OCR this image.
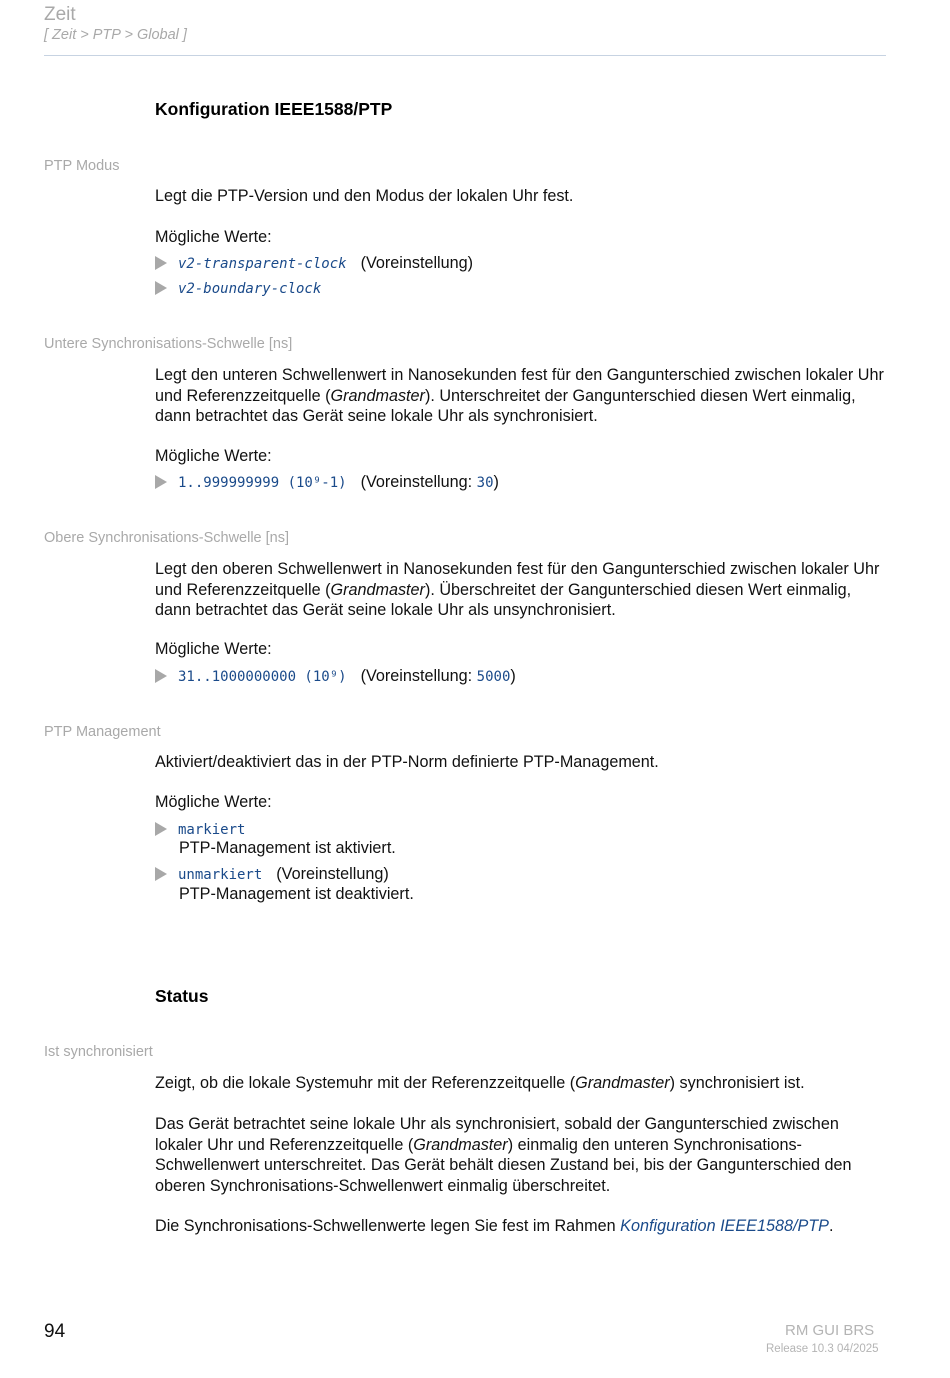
Zeit
[ Zeit > PTP > Global ]
Konfiguration IEEE1588/PTP
PTP Modus
Legt die PTP-Version und den Modus der lokalen Uhr fest.
Mögliche Werte:
v2-transparent-clock (Voreinstellung)
v2-boundary-clock
Untere Synchronisations-Schwelle [ns]
Legt den unteren Schwellenwert in Nanosekunden fest für den Gangunterschied zwischen lokaler Uhr und Referenzzeitquelle (Grandmaster). Unterschreitet der Gangunterschied diesen Wert einmalig, dann betrachtet das Gerät seine lokale Uhr als synchronisiert.
Mögliche Werte:
1..999999999 (10⁹-1) (Voreinstellung: 30)
Obere Synchronisations-Schwelle [ns]
Legt den oberen Schwellenwert in Nanosekunden fest für den Gangunterschied zwischen lokaler Uhr und Referenzzeitquelle (Grandmaster). Überschreitet der Gangunterschied diesen Wert einmalig, dann betrachtet das Gerät seine lokale Uhr als unsynchronisiert.
Mögliche Werte:
31..1000000000 (10⁹) (Voreinstellung: 5000)
PTP Management
Aktiviert/deaktiviert das in der PTP-Norm definierte PTP-Management.
Mögliche Werte:
markiert
PTP-Management ist aktiviert.
unmarkiert (Voreinstellung)
PTP-Management ist deaktiviert.
Status
Ist synchronisiert
Zeigt, ob die lokale Systemuhr mit der Referenzzeitquelle (Grandmaster) synchronisiert ist.
Das Gerät betrachtet seine lokale Uhr als synchronisiert, sobald der Gangunterschied zwischen lokaler Uhr und Referenzzeitquelle (Grandmaster) einmalig den unteren Synchronisations-Schwellenwert unterschreitet. Das Gerät behält diesen Zustand bei, bis der Gangunterschied den oberen Synchronisations-Schwellenwert einmalig überschreitet.
Die Synchronisations-Schwellenwerte legen Sie fest im Rahmen Konfiguration IEEE1588/PTP.
94	RM GUI BRS
Release 10.3 04/2025
